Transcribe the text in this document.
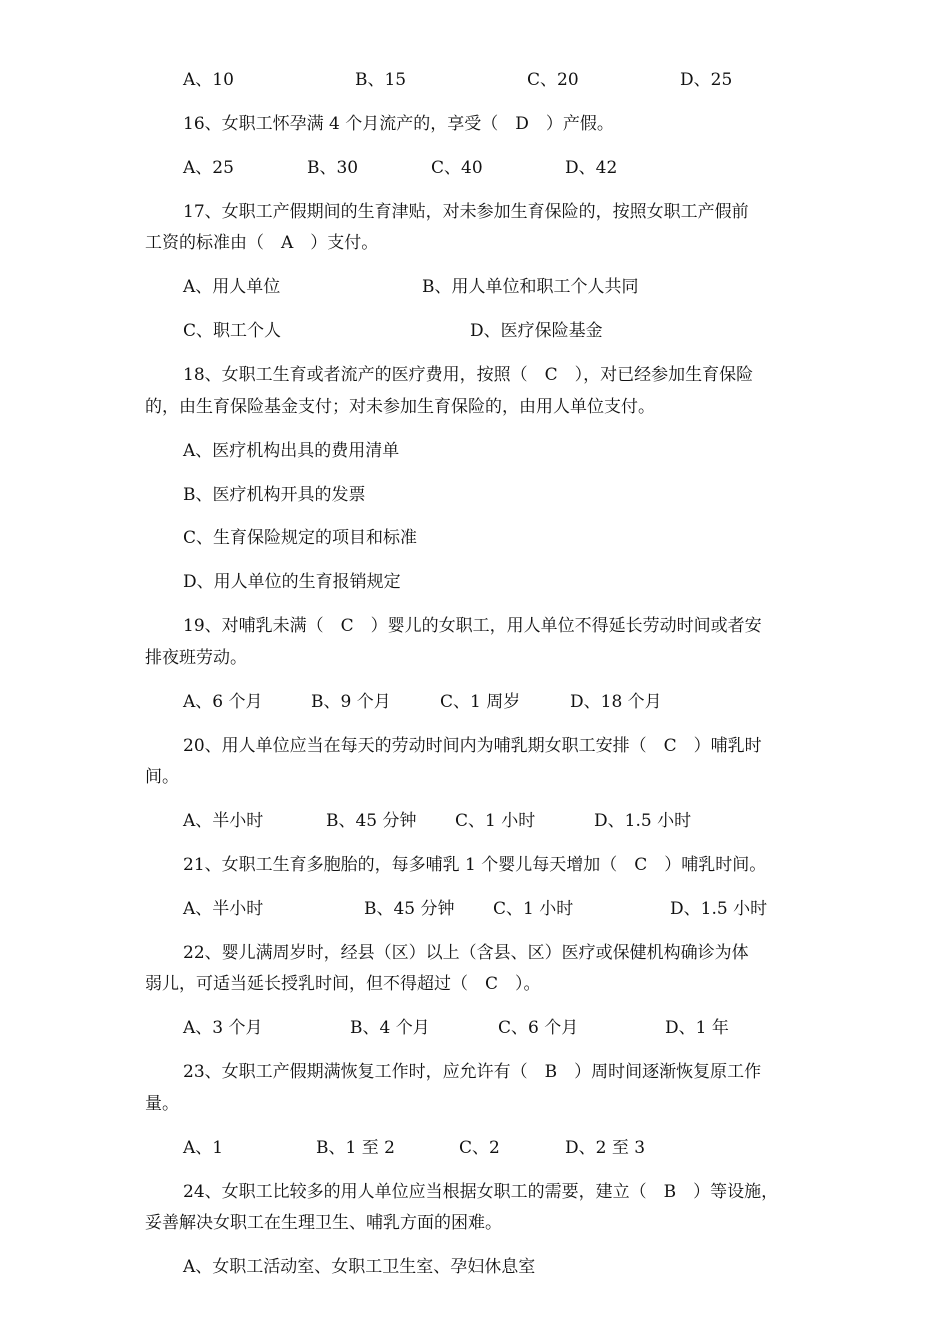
A、10	B、15	C、20	D、25
16、女职工怀孕满 4 个月流产的，享受（　D　）产假。
A、25	B、30	C、40	D、42
17、女职工产假期间的生育津贴，对未参加生育保险的，按照女职工产假前
工资的标准由（　A　）支付。
A、用人单位	B、用人单位和职工个人共同
C、职工个人	D、医疗保险基金
18、女职工生育或者流产的医疗费用，按照（　C　），对已经参加生育保险
的，由生育保险基金支付；对未参加生育保险的，由用人单位支付。
A、医疗机构出具的费用清单
B、医疗机构开具的发票
C、生育保险规定的项目和标准
D、用人单位的生育报销规定
19、对哺乳未满（　C　）婴儿的女职工，用人单位不得延长劳动时间或者安
排夜班劳动。
A、6 个月	B、9 个月	C、1 周岁	D、18 个月
20、用人单位应当在每天的劳动时间内为哺乳期女职工安排（　C　）哺乳时
间。
A、半小时	B、45 分钟 C、1 小时	D、1.5 小时
21、女职工生育多胞胎的，每多哺乳 1 个婴儿每天增加（　C　）哺乳时间。
A、半小时	B、45 分钟 C、1 小时	D、1.5 小时
22、婴儿满周岁时，经县（区）以上（含县、区）医疗或保健机构确诊为体
弱儿，可适当延长授乳时间，但不得超过（　C　）。
A、3 个月	B、4 个月	C、6 个月	D、1 年
23、女职工产假期满恢复工作时，应允许有（　B　）周时间逐渐恢复原工作
量。
A、1	B、1 至 2	C、2	D、2 至 3
24、女职工比较多的用人单位应当根据女职工的需要，建立（　B　）等设施，
妥善解决女职工在生理卫生、哺乳方面的困难。
A、女职工活动室、女职工卫生室、孕妇休息室
